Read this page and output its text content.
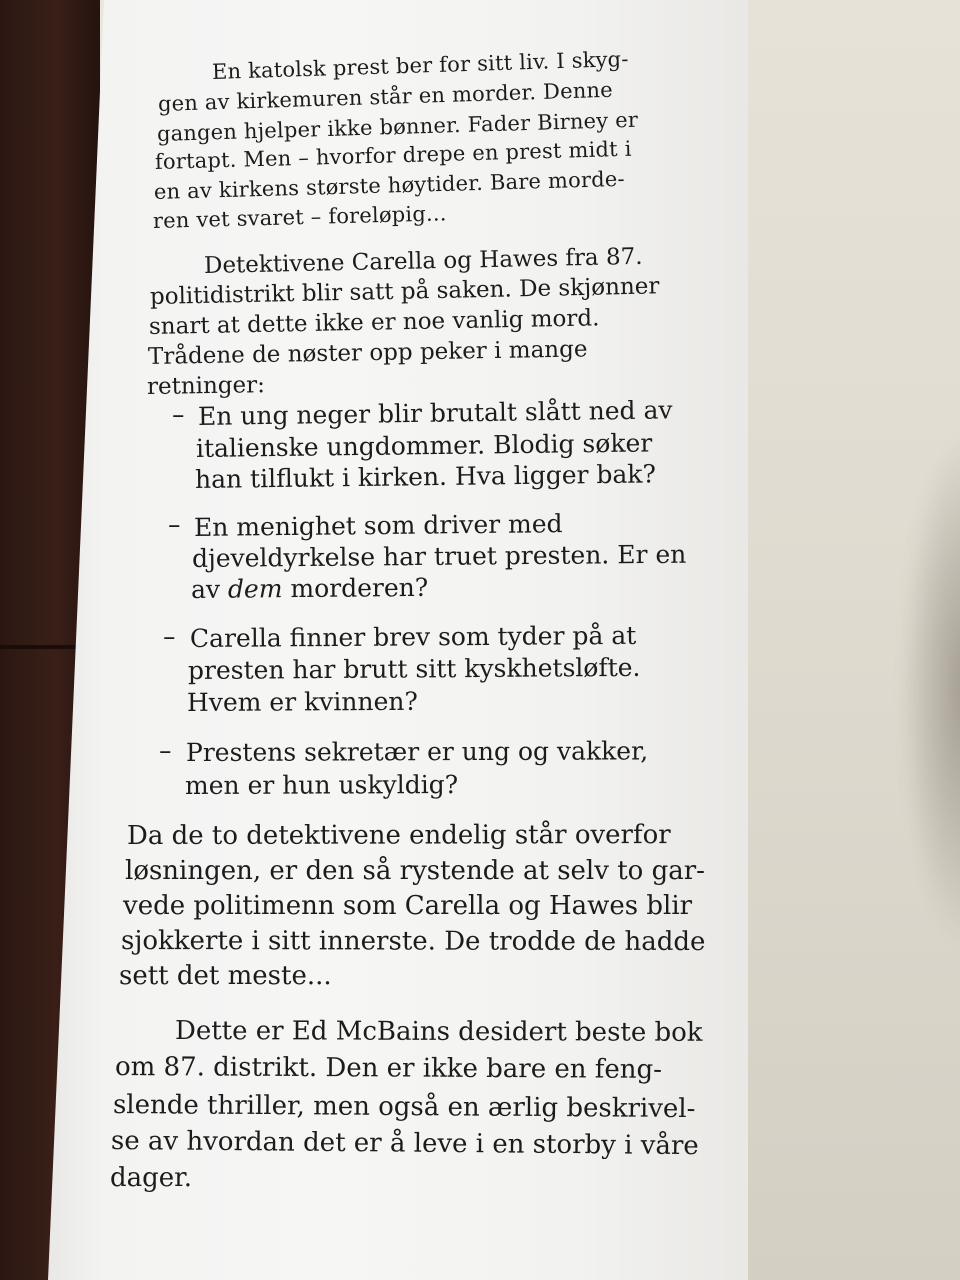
En katolsk prest ber for sitt liv. I skyg-
gen av kirkemuren står en morder. Denne
gangen hjelper ikke bønner. Fader Birney er
fortapt. Men – hvorfor drepe en prest midt i
en av kirkens største høytider. Bare morde-
ren vet svaret – foreløpig...
Detektivene Carella og Hawes fra 87.
politidistrikt blir satt på saken. De skjønner
snart at dette ikke er noe vanlig mord.
Trådene de nøster opp peker i mange
retninger:
– En ung neger blir brutalt slått ned av
italienske ungdommer. Blodig søker
han tilflukt i kirken. Hva ligger bak?
– En menighet som driver med
djeveldyrkelse har truet presten. Er en
av dem morderen?
– Carella finner brev som tyder på at
presten har brutt sitt kyskhetsløfte.
Hvem er kvinnen?
– Prestens sekretær er ung og vakker,
men er hun uskyldig?
Da de to detektivene endelig står overfor
løsningen, er den så rystende at selv to gar-
vede politimenn som Carella og Hawes blir
sjokkerte i sitt innerste. De trodde de hadde
sett det meste...
Dette er Ed McBains desidert beste bok
om 87. distrikt. Den er ikke bare en feng-
slende thriller, men også en ærlig beskrivel-
se av hvordan det er å leve i en storby i våre
dager.
